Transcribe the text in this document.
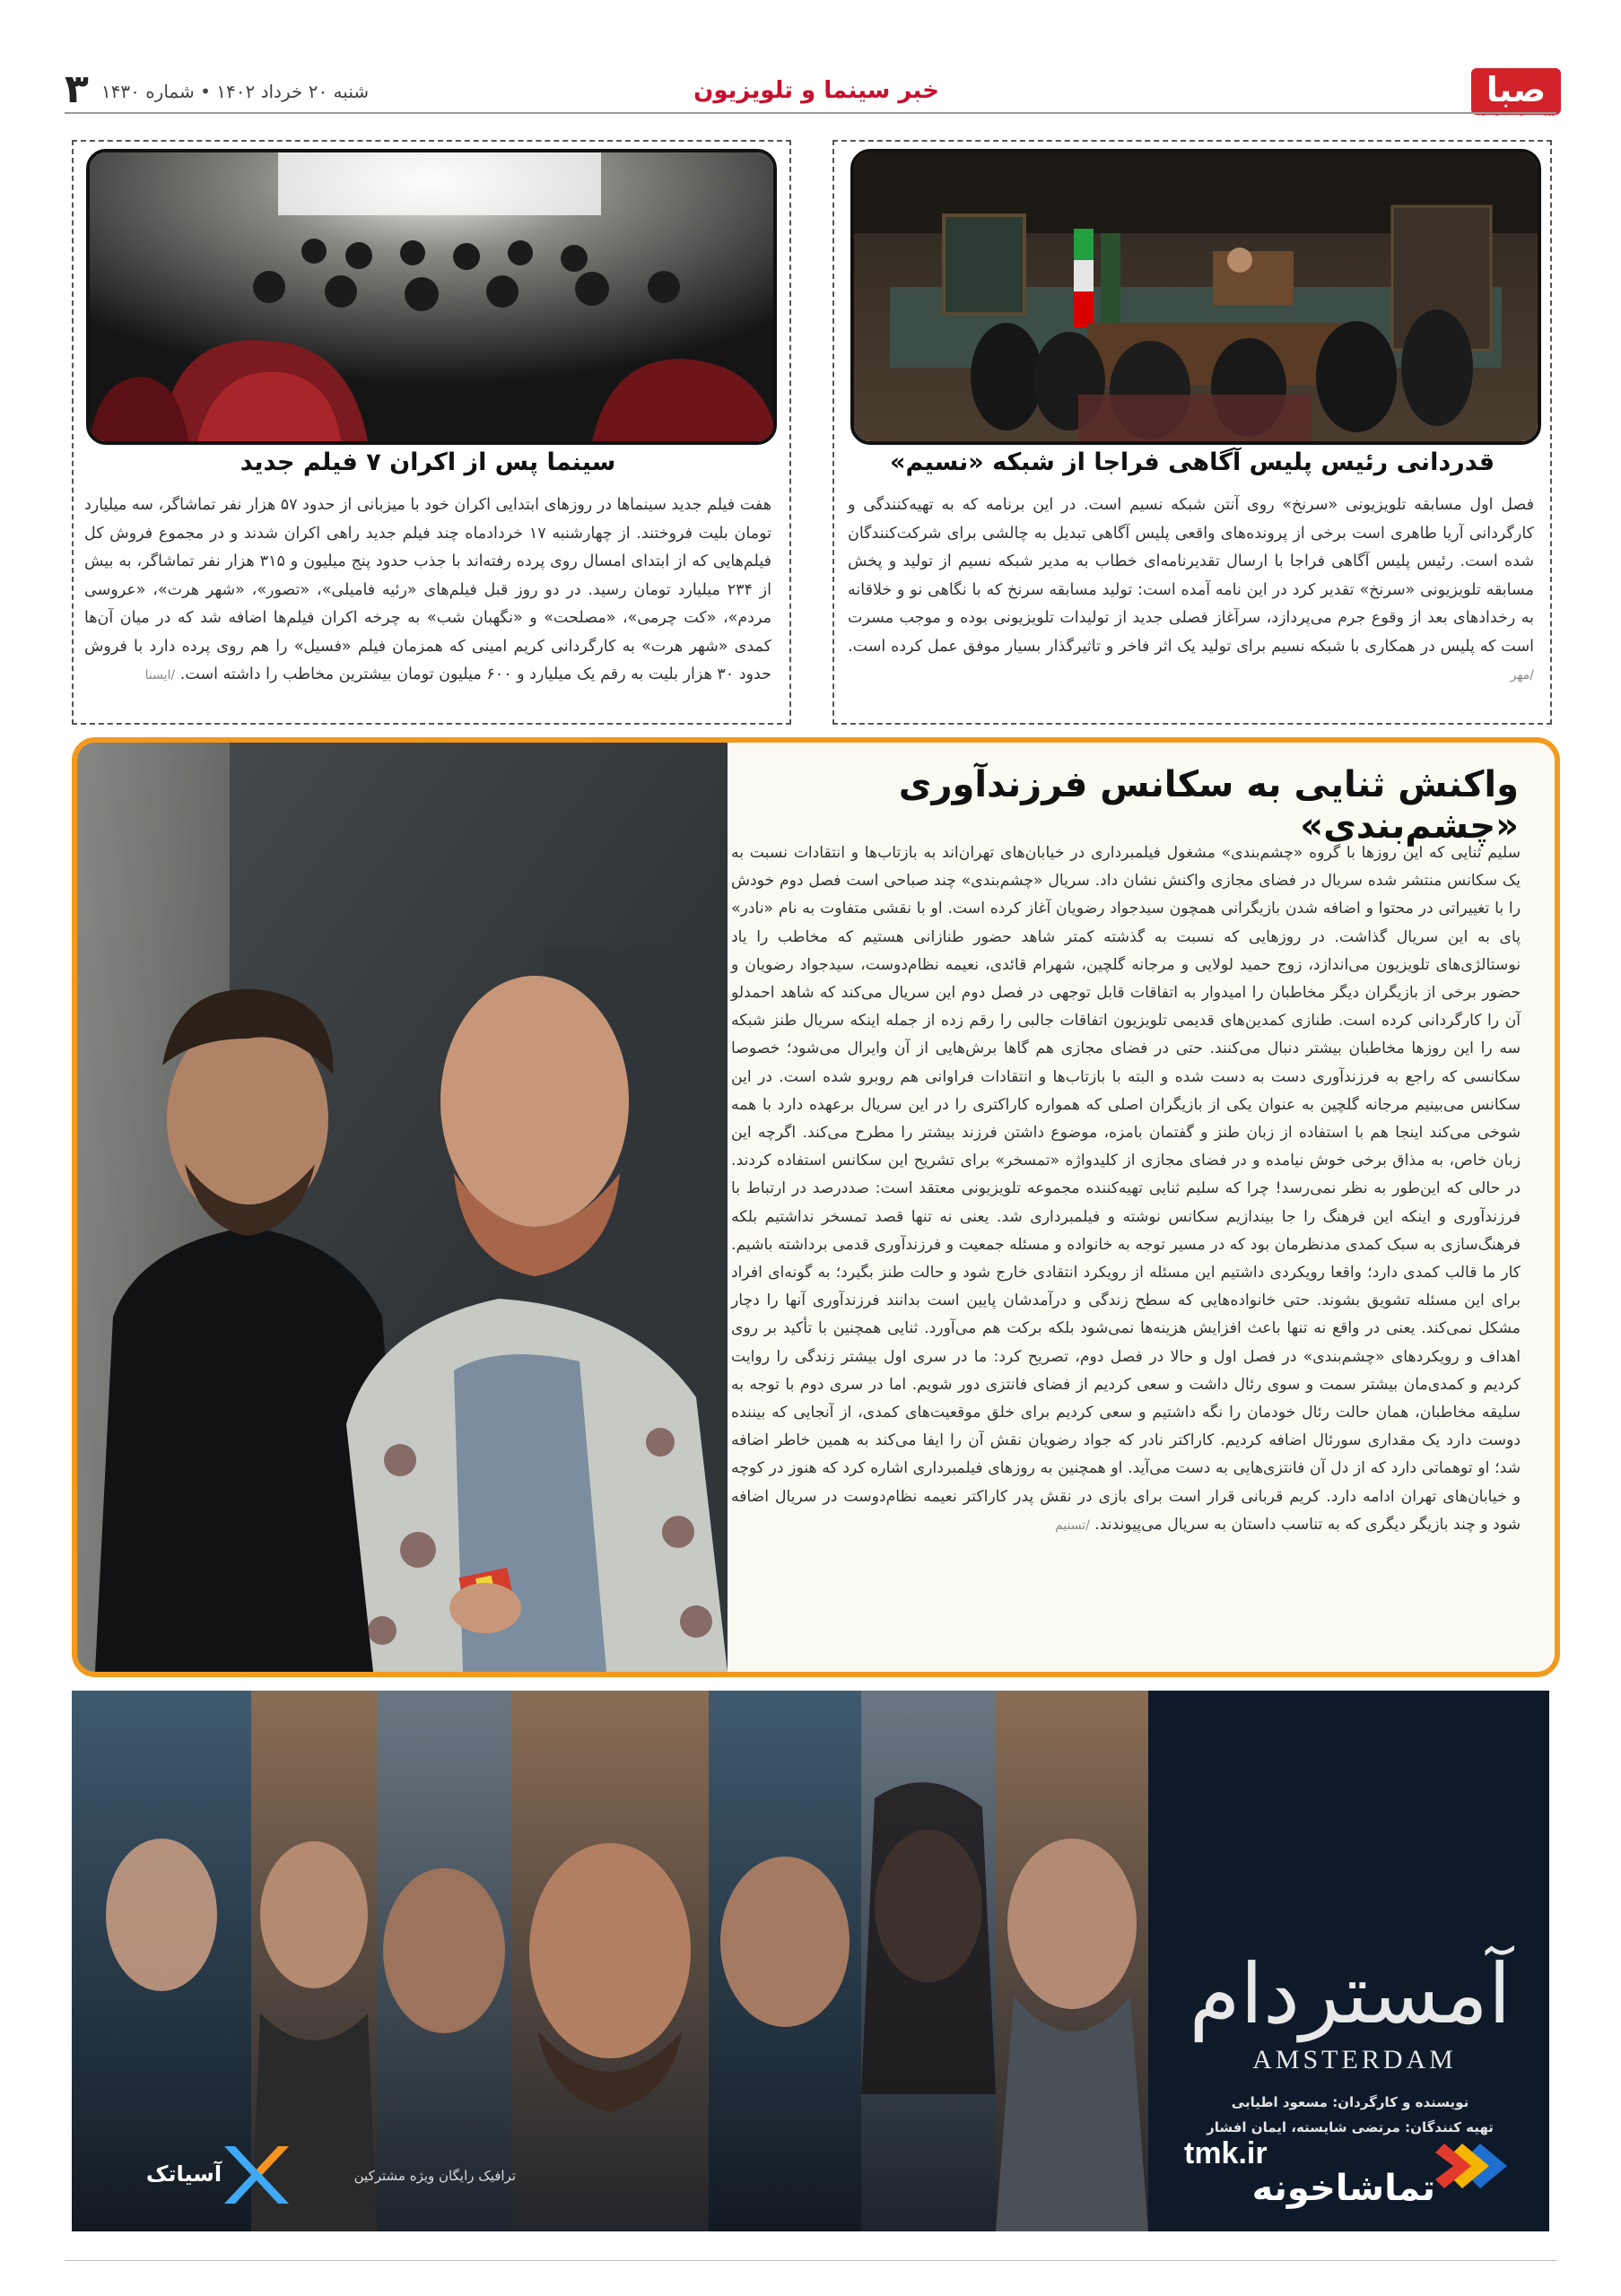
صبا
روزنامه فرهنگی و هنری
خبر سینما و تلویزیون
شنبه ۲۰ خرداد ۱۴۰۲ • شماره ۱۴۳۰
۳
قدردانی رئیس پلیس آگاهی فراجا از شبکه «نسیم»
فصل اول مسابقه تلویزیونی «سرنخ» روی آنتن شبکه نسیم است. در این برنامه که به تهیه‌کنندگی و کارگردانی آریا طاهری است برخی از پرونده‌های واقعی پلیس آگاهی تبدیل به چالشی برای شرکت‌کنندگان شده است. رئیس پلیس آگاهی فراجا با ارسال تقدیرنامه‌ای خطاب به مدیر شبکه نسیم از تولید و پخش مسابقه تلویزیونی «سرنخ» تقدیر کرد در این نامه آمده است: تولید مسابقه سرنخ که با نگاهی نو و خلاقانه به رخدادهای بعد از وقوع جرم می‌پردازد، سرآغاز فصلی جدید از تولیدات تلویزیونی بوده و موجب مسرت است که پلیس در همکاری با شبکه نسیم برای تولید یک اثر فاخر و تاثیرگذار بسیار موفق عمل کرده است. /مهر
سینما پس از اکران ۷ فیلم جدید
هفت فیلم جدید سینماها در روزهای ابتدایی اکران خود با میزبانی از حدود ۵۷ هزار نفر تماشاگر، سه میلیارد تومان بلیت فروختند. از چهارشنبه ۱۷ خردادماه چند فیلم جدید راهی اکران شدند و در مجموع فروش کل فیلم‌هایی که از ابتدای امسال روی پرده رفته‌اند با جذب حدود پنج میلیون و ۳۱۵ هزار نفر تماشاگر، به بیش از ۲۳۴ میلیارد تومان رسید. در دو روز قبل فیلم‌های «رئیه فامیلی»، «تصور»، «شهر هرت»، «عروسی مردم»، «کت چرمی»، «مصلحت» و «نگهبان شب» به چرخه اکران فیلم‌ها اضافه شد که در میان آن‌ها کمدی «شهر هرت» به کارگردانی کریم امینی که همزمان فیلم «فسیل» را هم روی پرده دارد با فروش حدود ۳۰ هزار بلیت به رقم یک میلیارد و ۶۰۰ میلیون تومان بیشترین مخاطب را داشته است. /ایسنا
واکنش ثنایی به سکانس فرزندآوری «چشم‌بندی»
سلیم ثنایی که این روزها با گروه «چشم‌بندی» مشغول فیلمبرداری در خیابان‌های تهران‌اند به بازتاب‌ها و انتقادات نسبت به یک سکانس منتشر شده سریال در فضای مجازی واکنش نشان داد. سریال «چشم‌بندی» چند صباحی است فصل دوم خودش را با تغییراتی در محتوا و اضافه شدن بازیگرانی همچون سیدجواد رضویان آغاز کرده است. او با نقشی متفاوت به نام «نادر» پای به این سریال گذاشت. در روزهایی که نسبت به گذشته کمتر شاهد حضور طنازانی هستیم که مخاطب را یاد نوستالژی‌های تلویزیون می‌اندازد، زوج حمید لولایی و مرجانه گلچین، شهرام قائدی، نعیمه نظام‌دوست، سیدجواد رضویان و حضور برخی از بازیگران دیگر مخاطبان را امیدوار به اتفاقات قابل توجهی در فصل دوم این سریال می‌کند که شاهد احمدلو آن را کارگردانی کرده است. طنازی کمدین‌های قدیمی تلویزیون اتفاقات جالبی را رقم زده از جمله اینکه سریال طنز شبکه سه را این روزها مخاطبان بیشتر دنبال می‌کنند. حتی در فضای مجازی هم گاها برش‌هایی از آن وایرال می‌شود؛ خصوصا سکانسی که راجع به فرزندآوری دست به دست شده و البته با بازتاب‌ها و انتقادات فراوانی هم روبرو شده است. در این سکانس می‌بینیم مرجانه گلچین به عنوان یکی از بازیگران اصلی که همواره کاراکتری را در این سریال برعهده دارد با همه شوخی می‌کند اینجا هم با استفاده از زبان طنز و گفتمان بامزه، موضوع داشتن فرزند بیشتر را مطرح می‌کند. اگرچه این زبان خاص، به مذاق برخی خوش نیامده و در فضای مجازی از کلیدواژه «تمسخر» برای تشریح این سکانس استفاده کردند. در حالی که این‌طور به نظر نمی‌رسد! چرا که سلیم ثنایی تهیه‌کننده مجموعه تلویزیونی معتقد است: صددرصد در ارتباط با فرزندآوری و اینکه این فرهنگ را جا بیندازیم سکانس نوشته و فیلمبرداری شد. یعنی نه تنها قصد تمسخر نداشتیم بلکه فرهنگ‌سازی به سبک کمدی مدنظرمان بود که در مسیر توجه به خانواده و مسئله جمعیت و فرزندآوری قدمی برداشته باشیم. کار ما قالب کمدی دارد؛ واقعا رویکردی داشتیم این مسئله از رویکرد انتقادی خارج شود و حالت طنز بگیرد؛ به گونه‌ای افراد برای این مسئله تشویق بشوند. حتی خانواده‌هایی که سطح زندگی و درآمدشان پایین است بدانند فرزندآوری آنها را دچار مشکل نمی‌کند. یعنی در واقع نه تنها باعث افزایش هزینه‌ها نمی‌شود بلکه برکت هم می‌آورد. ثنایی همچنین با تأکید بر روی اهداف و رویکردهای «چشم‌بندی» در فصل اول و حالا در فصل دوم، تصریح کرد: ما در سری اول بیشتر زندگی را روایت کردیم و کمدی‌مان بیشتر سمت و سوی رئال داشت و سعی کردیم از فضای فانتزی دور شویم. اما در سری دوم با توجه به سلیقه مخاطبان، همان حالت رئال خودمان را نگه داشتیم و سعی کردیم برای خلق موقعیت‌های کمدی، از آنجایی که بیننده دوست دارد یک مقداری سورئال اضافه کردیم. کاراکتر نادر که جواد رضویان نقش آن را ایفا می‌کند به همین خاطر اضافه شد؛ او توهماتی دارد که از دل آن فانتزی‌هایی به دست می‌آید. او همچنین به روزهای فیلمبرداری اشاره کرد که هنوز در کوچه و خیابان‌های تهران ادامه دارد. کریم قربانی قرار است برای بازی در نقش پدر کاراکتر نعیمه نظام‌دوست در سریال اضافه شود و چند بازیگر دیگری که به تناسب داستان به سریال می‌پیوندند. /تسنیم
آمستردام
AMSTERDAM
نویسنده و کارگردان: مسعود اطیابی
تهیه کنندگان: مرتضی شایسته، ایمان افشار
tmk.ir
تماشاخونه
آسیاتک	ترافیک رایگان ویژه مشترکین
